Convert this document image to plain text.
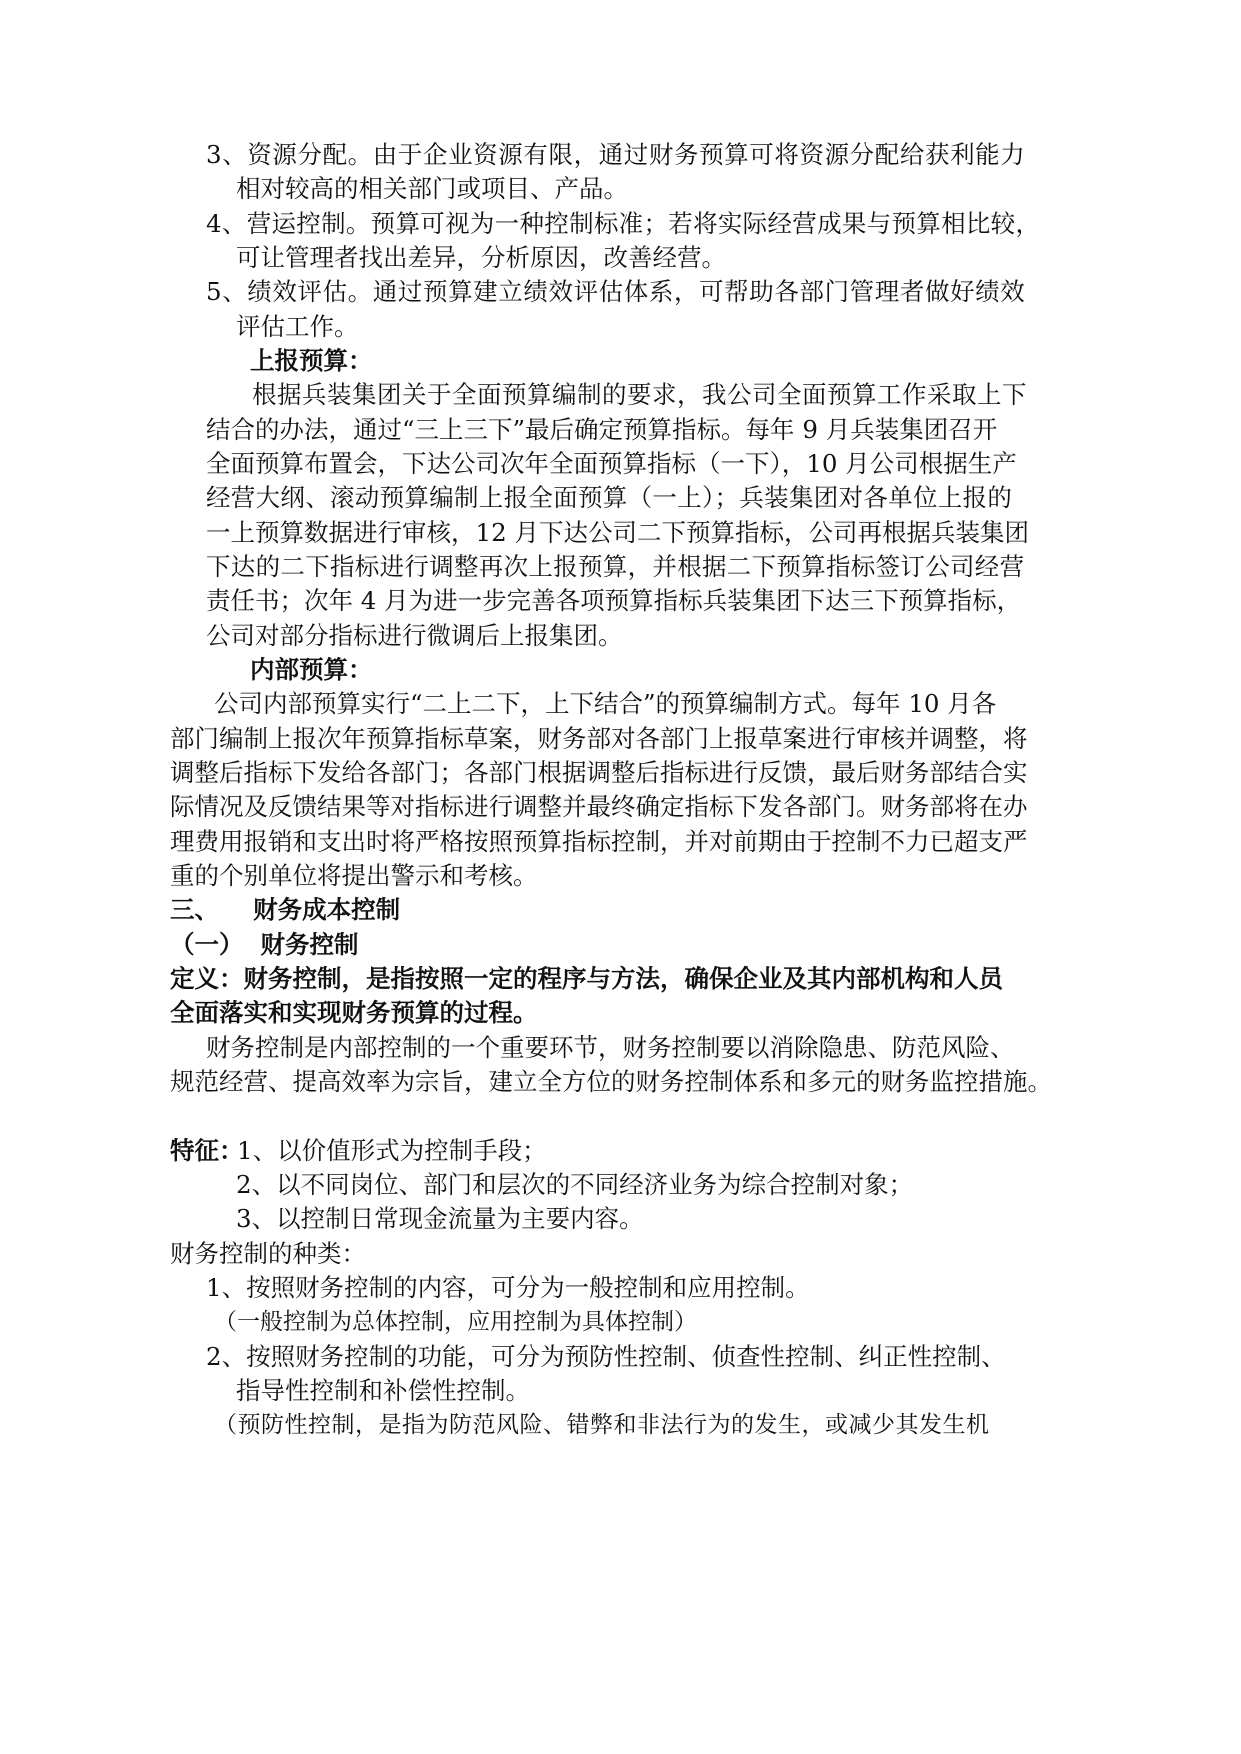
3、资源分配。由于企业资源有限，通过财务预算可将资源分配给获利能力
相对较高的相关部门或项目、产品。
4、营运控制。预算可视为一种控制标准；若将实际经营成果与预算相比较，
可让管理者找出差异，分析原因，改善经营。
5、绩效评估。通过预算建立绩效评估体系，可帮助各部门管理者做好绩效
评估工作。
上报预算：
根据兵装集团关于全面预算编制的要求，我公司全面预算工作采取上下
结合的办法，通过“三上三下”最后确定预算指标。每年 9 月兵装集团召开
全面预算布置会，下达公司次年全面预算指标（一下），10 月公司根据生产
经营大纲、滚动预算编制上报全面预算（一上）；兵装集团对各单位上报的
一上预算数据进行审核，12 月下达公司二下预算指标，公司再根据兵装集团
下达的二下指标进行调整再次上报预算，并根据二下预算指标签订公司经营
责任书；次年 4 月为进一步完善各项预算指标兵装集团下达三下预算指标，
公司对部分指标进行微调后上报集团。
内部预算：
公司内部预算实行“二上二下，上下结合”的预算编制方式。每年 10 月各
部门编制上报次年预算指标草案，财务部对各部门上报草案进行审核并调整，将
调整后指标下发给各部门；各部门根据调整后指标进行反馈，最后财务部结合实
际情况及反馈结果等对指标进行调整并最终确定指标下发各部门。财务部将在办
理费用报销和支出时将严格按照预算指标控制，并对前期由于控制不力已超支严
重的个别单位将提出警示和考核。
三、    财务成本控制
（一）  财务控制
定义：财务控制，是指按照一定的程序与方法，确保企业及其内部机构和人员
全面落实和实现财务预算的过程。
财务控制是内部控制的一个重要环节，财务控制要以消除隐患、防范风险、
规范经营、提高效率为宗旨，建立全方位的财务控制体系和多元的财务监控措施。
特征：
1、以价值形式为控制手段；
2、以不同岗位、部门和层次的不同经济业务为综合控制对象；
3、以控制日常现金流量为主要内容。
财务控制的种类：
1、按照财务控制的内容，可分为一般控制和应用控制。
（一般控制为总体控制，应用控制为具体控制）
2、按照财务控制的功能，可分为预防性控制、侦查性控制、纠正性控制、
指导性控制和补偿性控制。
（预防性控制，是指为防范风险、错弊和非法行为的发生，或减少其发生机
